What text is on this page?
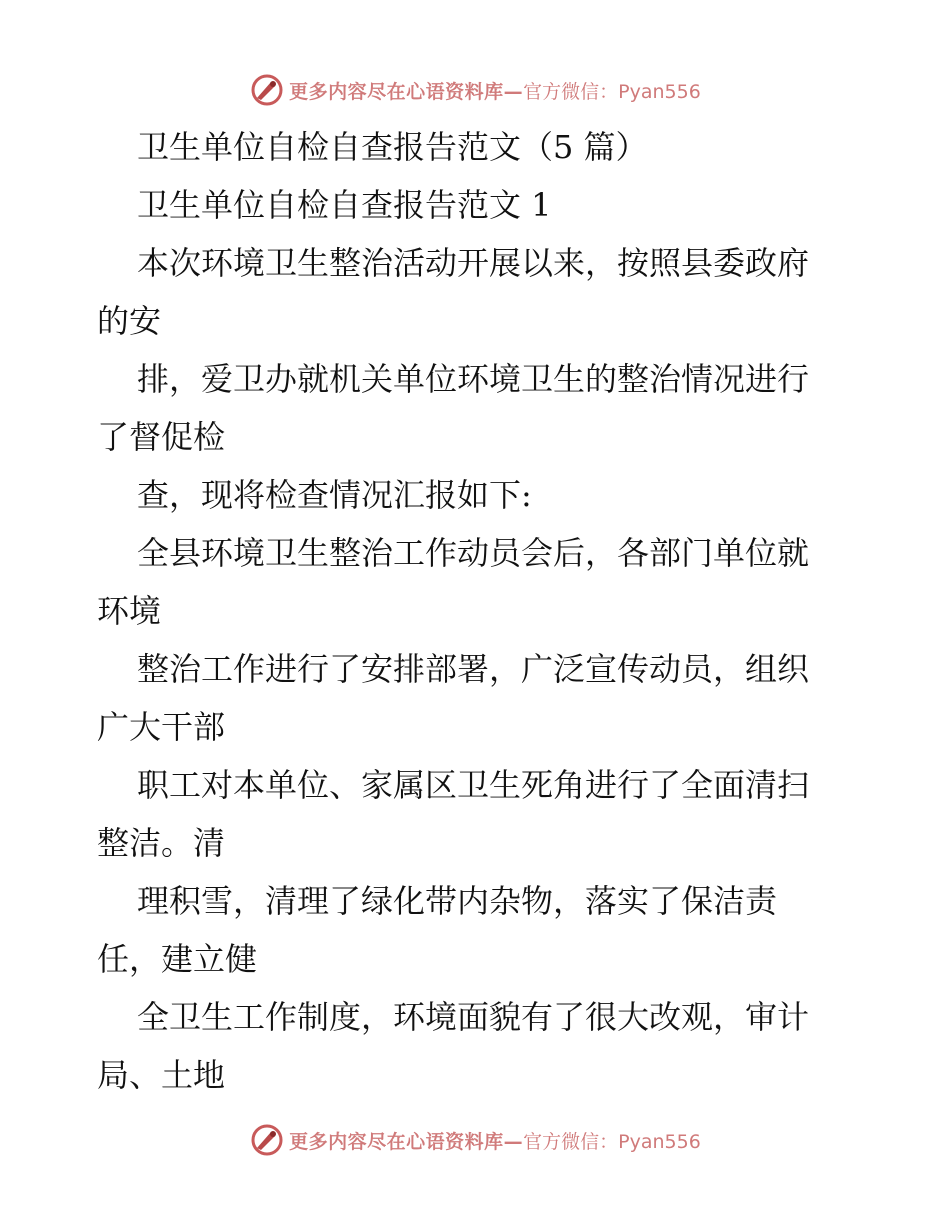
更多内容尽在心语资料库— 官方微信：Pyan556
卫生单位自检自查报告范文（5 篇）
卫生单位自检自查报告范文 1
本次环境卫生整治活动开展以来，按照县委政府
的安
排，爱卫办就机关单位环境卫生的整治情况进行
了督促检
查，现将检查情况汇报如下:
全县环境卫生整治工作动员会后，各部门单位就
环境
整治工作进行了安排部署，广泛宣传动员，组织
广大干部
职工对本单位、家属区卫生死角进行了全面清扫
整洁。清
理积雪，清理了绿化带内杂物，落实了保洁责
任，建立健
全卫生工作制度，环境面貌有了很大改观，审计
局、土地
更多内容尽在心语资料库— 官方微信：Pyan556
